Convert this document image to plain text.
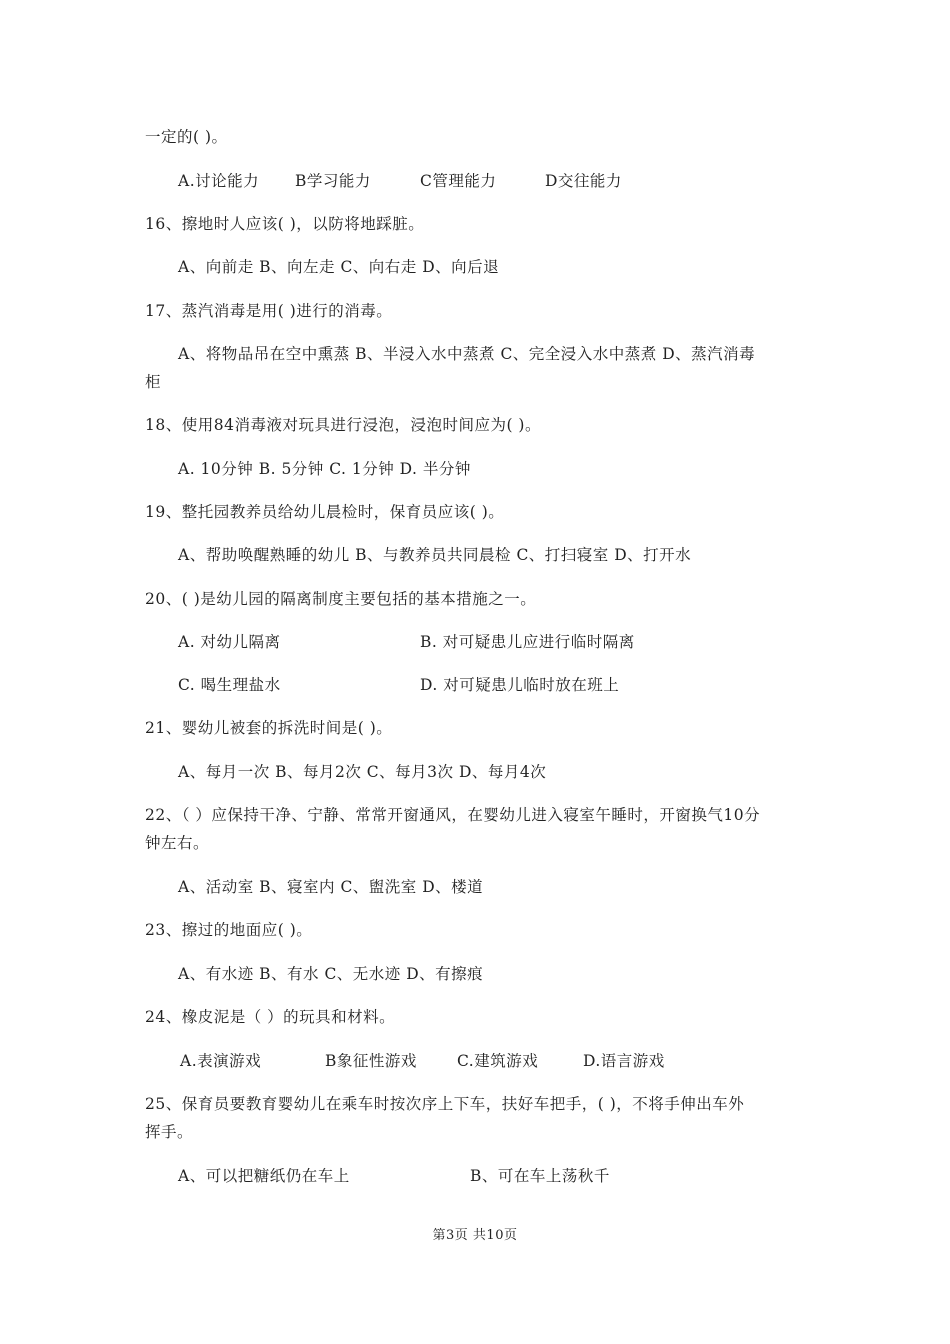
一定的( )。
A.讨论能力 B学习能力	C管理能力	D交往能力
16、擦地时人应该( )，以防将地踩脏。
A、向前走 B、向左走 C、向右走 D、向后退
17、蒸汽消毒是用( )进行的消毒。
A、将物品吊在空中熏蒸 B、半浸入水中蒸煮 C、完全浸入水中蒸煮 D、蒸汽消毒
柜
18、使用84消毒液对玩具进行浸泡，浸泡时间应为( )。
A. 10分钟 B. 5分钟 C. 1分钟 D. 半分钟
19、整托园教养员给幼儿晨检时，保育员应该( )。
A、帮助唤醒熟睡的幼儿 B、与教养员共同晨检 C、打扫寝室 D、打开水
20、( )是幼儿园的隔离制度主要包括的基本措施之一。
A. 对幼儿隔离	B. 对可疑患儿应进行临时隔离
C. 喝生理盐水	D. 对可疑患儿临时放在班上
21、婴幼儿被套的拆洗时间是( )。
A、每月一次 B、每月2次 C、每月3次 D、每月4次
22、（ ）应保持干净、宁静、常常开窗通风，在婴幼儿进入寝室午睡时，开窗换气10分
钟左右。
A、活动室 B、寝室内 C、盥洗室 D、楼道
23、擦过的地面应( )。
A、有水迹 B、有水 C、无水迹 D、有擦痕
24、橡皮泥是（ ）的玩具和材料。
A.表演游戏	B象征性游戏	C.建筑游戏	D.语言游戏
25、保育员要教育婴幼儿在乘车时按次序上下车，扶好车把手，( )，不将手伸出车外
挥手。
A、可以把糖纸仍在车上	B、可在车上荡秋千
第3页 共10页
